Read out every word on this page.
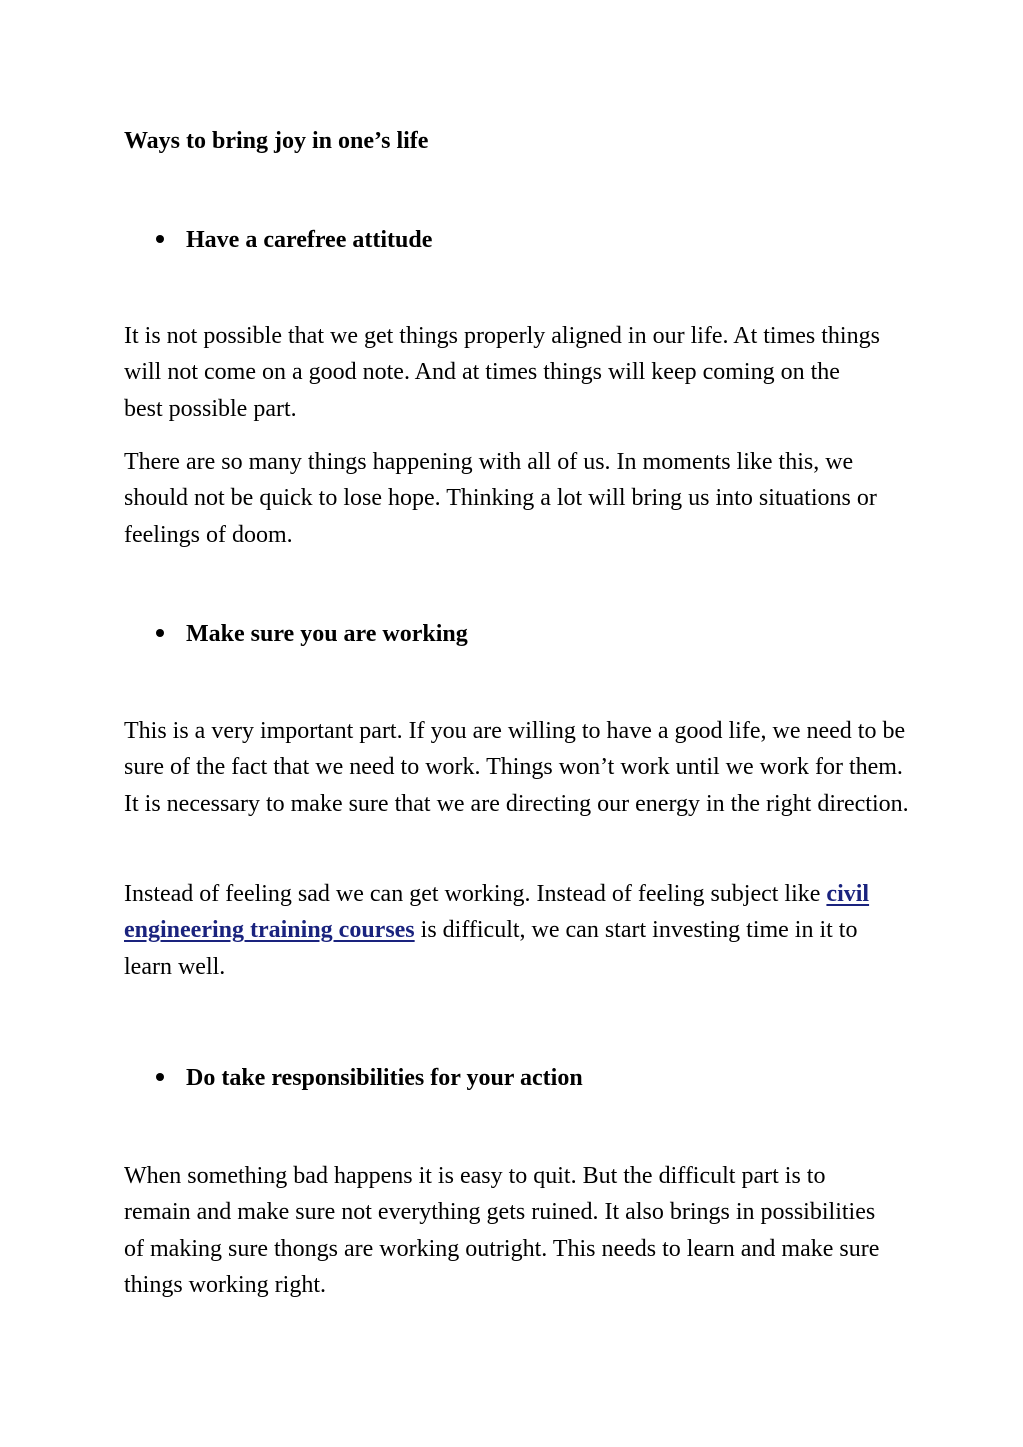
Ways to bring joy in one’s life
Have a carefree attitude

It is not possible that we get things properly aligned in our life. At times things will not come on a good note. And at times things will keep coming on the best possible part.

There are so many things happening with all of us. In moments like this, we should not be quick to lose hope. Thinking a lot will bring us into situations or feelings of doom.

Make sure you are working

This is a very important part. If you are willing to have a good life, we need to be sure of the fact that we need to work. Things won’t work until we work for them. It is necessary to make sure that we are directing our energy in the right direction.

Instead of feeling sad we can get working. Instead of feeling subject like civil engineering training courses is difficult, we can start investing time in it to learn well.

Do take responsibilities for your action

When something bad happens it is easy to quit. But the difficult part is to remain and make sure not everything gets ruined. It also brings in possibilities of making sure thongs are working outright. This needs to learn and make sure things working right.
